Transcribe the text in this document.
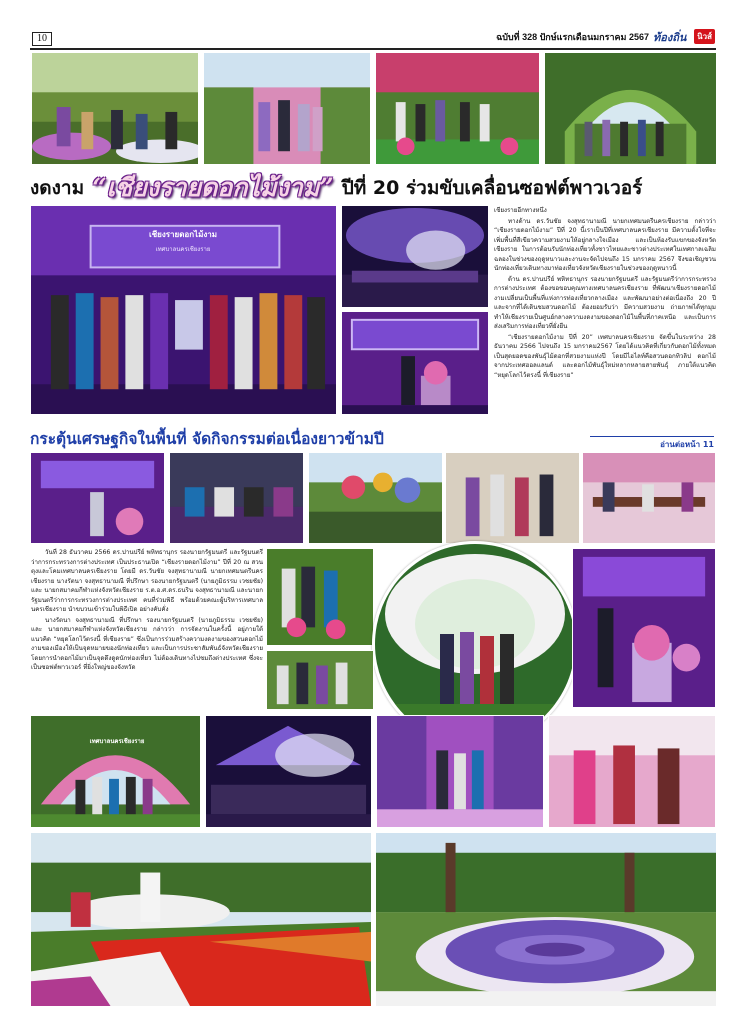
10	ฉบับที่ 328 ปักษ์แรกเดือนมกราคม 2567 ท้องถิ่น	นิวส์
งดงาม “เชียงรายดอกไม้งาม” ปีที่ 20 ร่วมขับเคลื่อนซอฟต์พาวเวอร์
เชียงรายดอกไม้งาม
เทศบาลนครเชียงราย

เชียงรายอีกทางหนึ่ง

ทางด้าน ดร.วันชัย จงสุทธานามณี นายกเทศมนตรีนครเชียงราย กล่าวว่า “เชียงรายดอกไม้งาม” ปีที่ 20 นี้เราเป็นปีที่เทศบาลนครเชียงราย มีความตั้งใจที่จะเพิ่มพื้นที่สีเขียวความสวยงามให้อยู่กลางใจเมือง และเป็นห้องรับแขกของจังหวัดเชียงราย ในการต้อนรับนักท่องเที่ยวทั้งชาวไทยและชาวต่างประเทศในเทศกาลเฉลิมฉลองในช่วงของฤดูหนาวและงานจะจัดไปจนถึง 15 มกราคม 2567 จึงขอเชิญชวนนักท่องเที่ยวเดินทางมาท่องเที่ยวจังหวัดเชียงรายในช่วงของฤดูหนาวนี้

ด้าน ดร.ปานปรีย์ พหิทธานุกร รองนายกรัฐมนตรี และรัฐมนตรีว่าการกระทรวงการต่างประเทศ ต้องขอขอบคุณทางเทศบาลนครเชียงราย ที่พัฒนาเชียงรายดอกไม้งามเปลี่ยนเป็นพื้นที่แห่งการท่องเที่ยวกลางเมือง และพัฒนาอย่างต่อเนื่องถึง 20 ปี และจากที่ได้เดินชมสวนดอกไม้ ต้องยอมรับว่า มีความสวยงาม ถ่ายภาพได้ทุกมุม ทำให้เชียงรายเป็นศูนย์กลางความงดงามของดอกไม้ในพื้นที่ภาคเหนือ และเป็นการส่งเสริมการท่องเที่ยวที่ยั่งยืน

“เชียงรายดอกไม้งาม ปีที่ 20” เทศบาลนครเชียงราย จัดขึ้นในระหว่าง 28 ธันวาคม 2566 ไปจนถึง 15 มกราคม2567 โดยได้แนวคิดที่เกี่ยวกับดอกไม้ทั้งหมด เป็นสุดยอดของพันธุ์ไม้ดอกที่สวยงามแห่งปี โดยมีไฮไลท์คือสวนดอกทิวลิป ดอกไม้จากประเทศฮอลแลนด์ และดอกไม้พันธุ์ใหม่หลากหลายสายพันธุ์ ภายใต้แนวคิด “หยุดโลกไว้ตรงนี้ ที่เชียงราย”

กระตุ้นเศรษฐกิจในพื้นที่ จัดกิจกรรมต่อเนื่องยาวข้ามปี	อ่านต่อหน้า 11

วันที่ 28 ธันวาคม 2566 ดร.ปานปรีย์ พหิทธานุกร รองนายกรัฐมนตรี และรัฐมนตรีว่าการกระทรวงการต่างประเทศ เป็นประธานเปิด “เชียงรายดอกไม้งาม” ปีที่ 20 ณ สวนตุงและโคมเทศบาลนครเชียงราย โดยมี ดร.วันชัย จงสุทธานามณี นายกเทศมนตรีนครเชียงราย นางรัตนา จงสุทธานามณี ที่ปรึกษา รองนายกรัฐมนตรี (นายภูมิธรรม เวชยชัย) และ นายกสมาคมกีฬาแห่งจังหวัดเชียงราย ร.ต.อ.ศ.ดร.ธนริน จงสุทธานามณี และนายกรัฐมนตรีว่าการกระทรวงการต่างประเทศ คนที่ร่วมพิธี พร้อมด้วยคณะผู้บริหารเทศบาลนครเชียงราย นำขบวนเข้าร่วมในพิธีเปิด อย่างคับคั่ง

นางรัตนา จงสุทธานามณี ที่ปรึกษา รองนายกรัฐมนตรี (นายภูมิธรรม เวชยชัย) และ นายกสมาคมกีฬาแห่งจังหวัดเชียงราย กล่าวว่า การจัดงานในครั้งนี้ อยู่ภายใต้แนวคิด “หยุดโลกไว้ตรงนี้ ที่เชียงราย” ซึ่งเป็นการร่วมสร้างความงดงามของสวนดอกไม้งามของเมืองให้เป็นจุดหมายของนักท่องเที่ยว และเป็นการประชาสัมพันธ์จังหวัดเชียงราย โดยการนำดอกไม้มาเป็นจุดดึงดูดนักท่องเที่ยว ไม่ต้องเดินทางไปชมถึงต่างประเทศ ซึ่งจะเป็นซอฟต์พาวเวอร์ ที่ยิ่งใหญ่ของจังหวัด

เทศบาลนครเชียงราย
